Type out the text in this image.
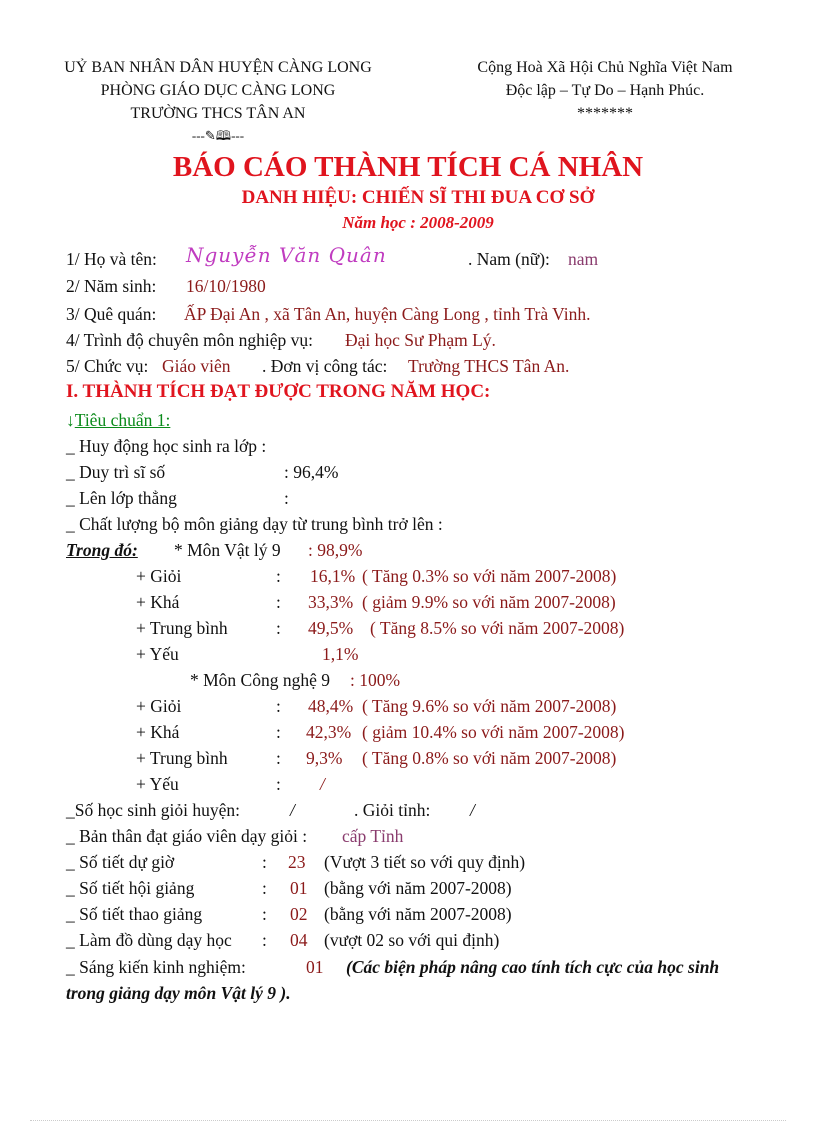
UỶ BAN NHÂN DÂN HUYỆN CÀNG LONG
PHÒNG GIÁO DỤC CÀNG LONG
TRƯỜNG THCS TÂN AN
---✎🕮---
Cộng Hoà Xã Hội Chủ Nghĩa Việt Nam
Độc lập – Tự Do – Hạnh Phúc.
*******
BÁO CÁO THÀNH TÍCH CÁ NHÂN
DANH HIỆU: CHIẾN SĨ THI ĐUA CƠ SỞ
Năm học : 2008-2009
1/ Họ và tên: Nguyễn Văn Quân	. Nam (nữ): nam
2/ Năm sinh: 16/10/1980
3/ Quê quán: ẤP Đại An , xã Tân An, huyện Càng Long , tỉnh Trà Vinh.
4/ Trình độ chuyên môn nghiệp vụ: Đại học Sư Phạm Lý.
5/ Chức vụ: Giáo viên . Đơn vị công tác: Trường THCS Tân An.
I. THÀNH TÍCH ĐẠT ĐƯỢC TRONG NĂM HỌC:
↓Tiêu chuẩn 1:
_ Huy động học sinh ra lớp :
_ Duy trì sĩ số	: 96,4%
_ Lên lớp thẳng	:
_ Chất lượng bộ môn giảng dạy từ trung bình trở lên :
Trong đó: * Môn Vật lý 9 : 98,9%
+ Giỏi	: 16,1% ( Tăng 0.3% so với năm 2007-2008)
+ Khá	: 33,3% ( giảm 9.9% so với năm 2007-2008)
+ Trung bình	: 49,5% ( Tăng 8.5% so với năm 2007-2008)
+ Yếu	1,1%
* Môn Công nghệ 9 : 100%
+ Giỏi	: 48,4% ( Tăng 9.6% so với năm 2007-2008)
+ Khá	: 42,3% ( giảm 10.4% so với năm 2007-2008)
+ Trung bình	: 9,3% ( Tăng 0.8% so với năm 2007-2008)
+ Yếu	: /
_Số học sinh giỏi huyện:	/	. Giỏi tỉnh: /
_ Bản thân đạt giáo viên dạy giỏi : cấp Tỉnh
_ Số tiết dự giờ	: 23 (Vượt 3 tiết so với quy định)
_ Số tiết hội giảng	: 01 (bằng với năm 2007-2008)
_ Số tiết thao giảng	: 02 (bằng với năm 2007-2008)
_ Làm đồ dùng dạy học : 04 (vượt 02 so với qui định)
_ Sáng kiến kinh nghiệm:	01 (Các biện pháp nâng cao tính tích cực của học sinh
trong giảng dạy môn Vật lý 9 ).
